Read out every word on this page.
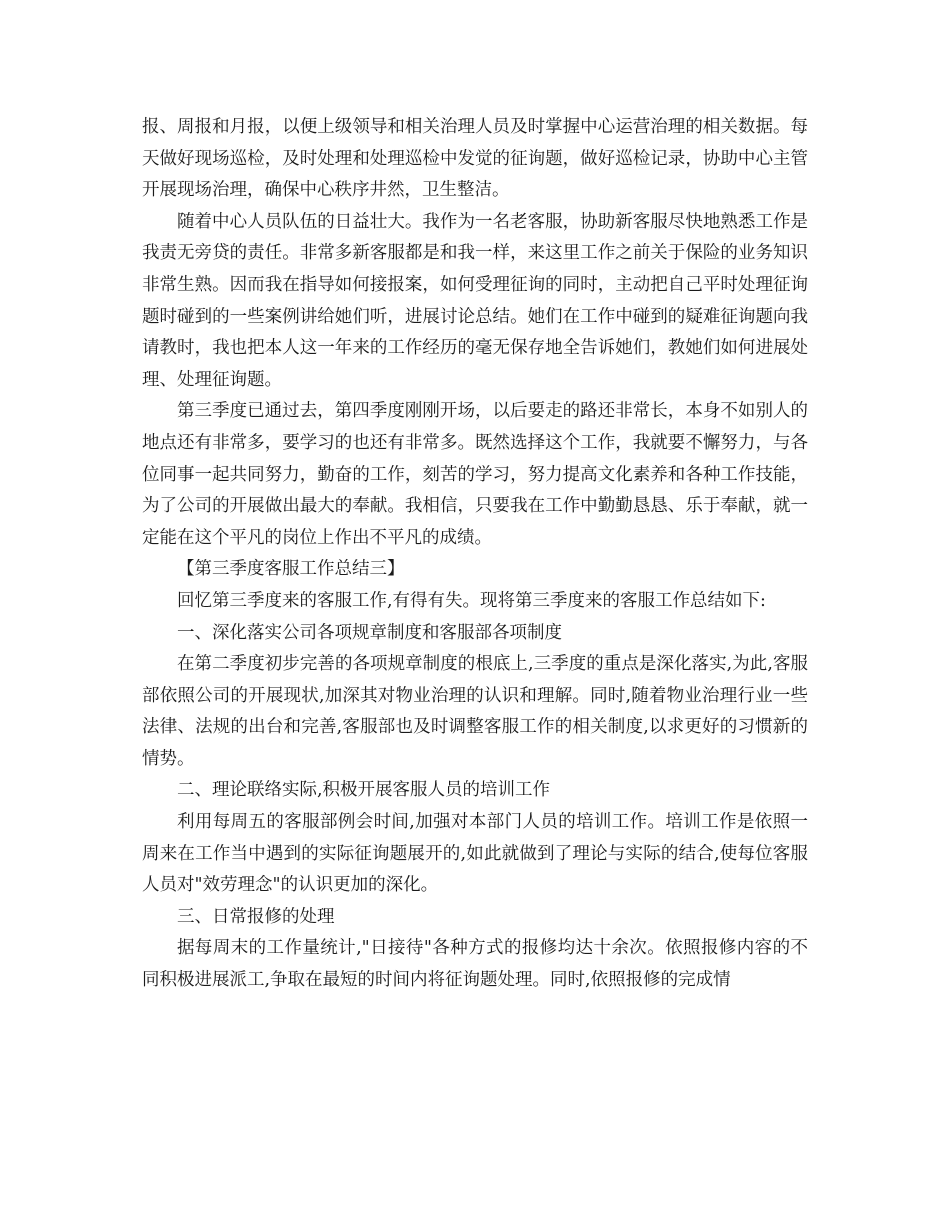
报、周报和月报，以便上级领导和相关治理人员及时掌握中心运营治理的相关数据。每天做好现场巡检，及时处理和处理巡检中发觉的征询题，做好巡检记录，协助中心主管开展现场治理，确保中心秩序井然，卫生整洁。

随着中心人员队伍的日益壮大。我作为一名老客服，协助新客服尽快地熟悉工作是我责无旁贷的责任。非常多新客服都是和我一样，来这里工作之前关于保险的业务知识非常生熟。因而我在指导如何接报案，如何受理征询的同时，主动把自己平时处理征询题时碰到的一些案例讲给她们听，进展讨论总结。她们在工作中碰到的疑难征询题向我请教时，我也把本人这一年来的工作经历的毫无保存地全告诉她们，教她们如何进展处理、处理征询题。

第三季度已通过去，第四季度刚刚开场，以后要走的路还非常长，本身不如别人的地点还有非常多，要学习的也还有非常多。既然选择这个工作，我就要不懈努力，与各位同事一起共同努力，勤奋的工作，刻苦的学习，努力提高文化素养和各种工作技能，为了公司的开展做出最大的奉献。我相信，只要我在工作中勤勤恳恳、乐于奉献，就一定能在这个平凡的岗位上作出不平凡的成绩。

【第三季度客服工作总结三】

回忆第三季度来的客服工作,有得有失。现将第三季度来的客服工作总结如下:

一、深化落实公司各项规章制度和客服部各项制度

在第二季度初步完善的各项规章制度的根底上,三季度的重点是深化落实,为此,客服部依照公司的开展现状,加深其对物业治理的认识和理解。同时,随着物业治理行业一些法律、法规的出台和完善,客服部也及时调整客服工作的相关制度,以求更好的习惯新的情势。

二、理论联络实际,积极开展客服人员的培训工作

利用每周五的客服部例会时间,加强对本部门人员的培训工作。培训工作是依照一周来在工作当中遇到的实际征询题展开的,如此就做到了理论与实际的结合,使每位客服人员对"效劳理念"的认识更加的深化。

三、日常报修的处理

据每周末的工作量统计,"日接待"各种方式的报修均达十余次。依照报修内容的不同积极进展派工,争取在最短的时间内将征询题处理。同时,依照报修的完成情
